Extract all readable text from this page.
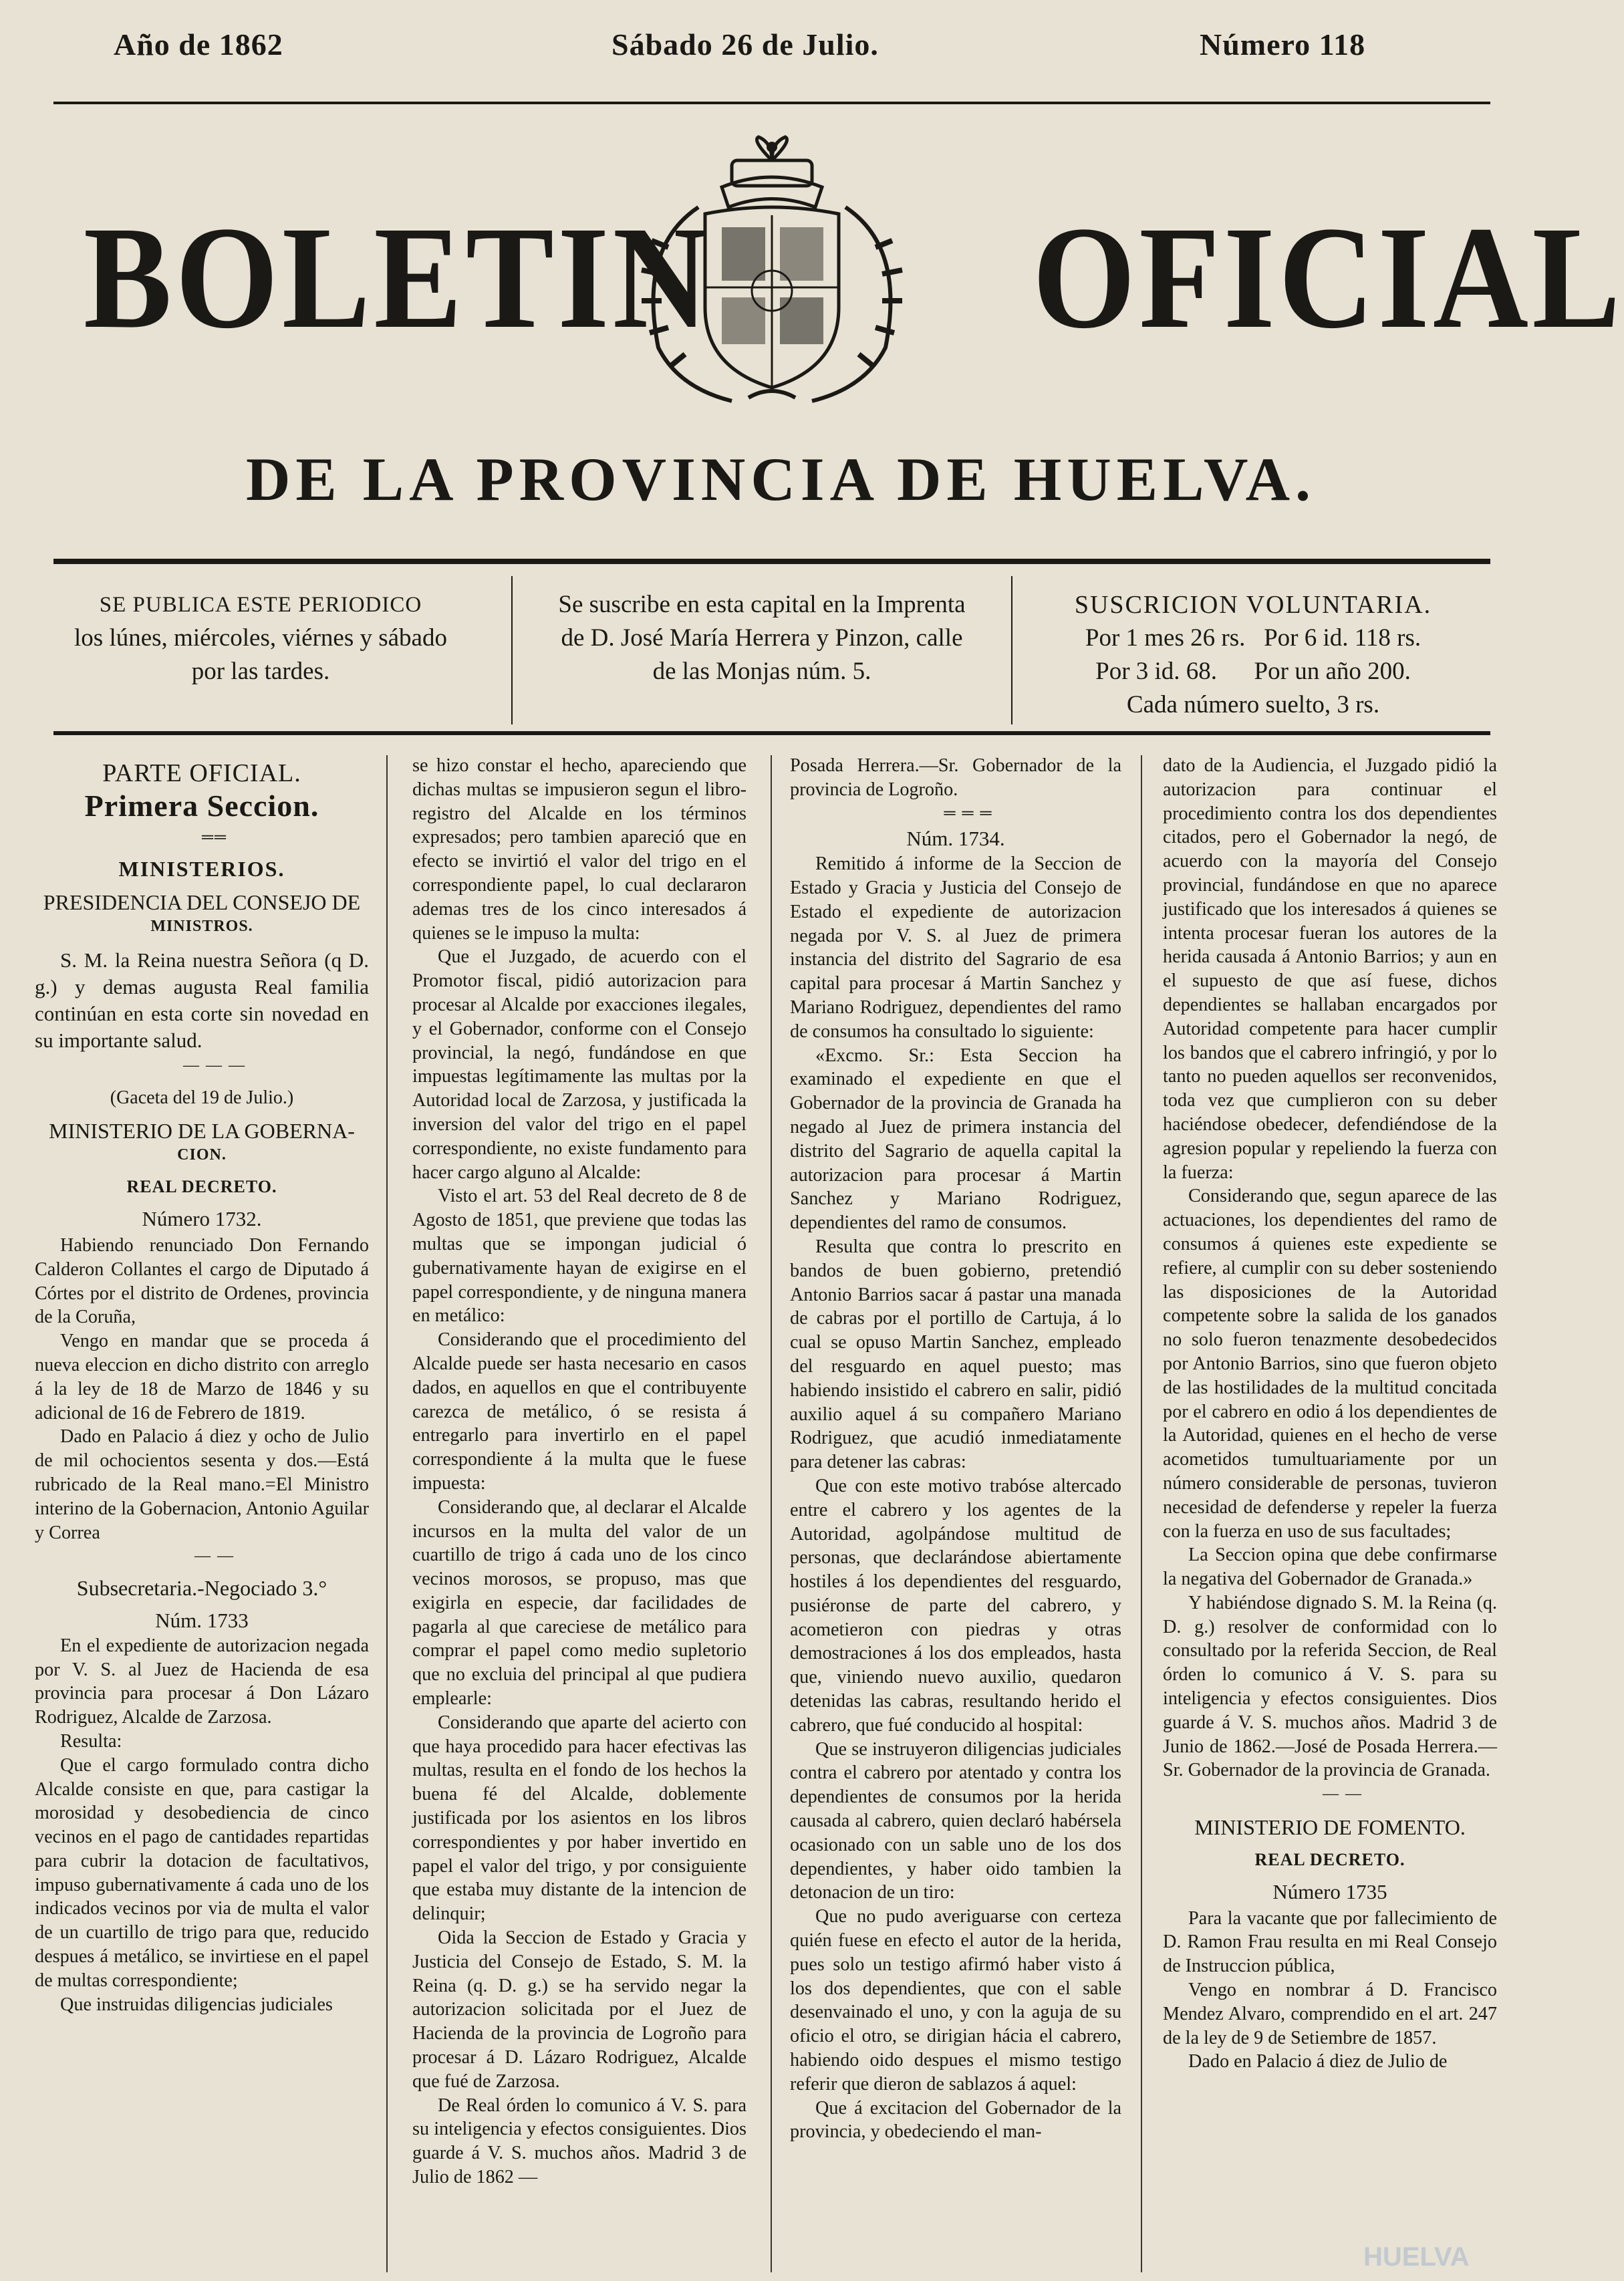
Año de 1862	Sábado 26 de Julio.	Número 118
BOLETIN OFICIAL
DE LA PROVINCIA DE HUELVA.
SE PUBLICA ESTE PERIODICO
los lúnes, miércoles, viérnes y sábado
por las tardes.
Se suscribe en esta capital en la Imprenta
de D. José María Herrera y Pinzon, calle
de las Monjas núm. 5.
SUSCRICION VOLUNTARIA.
Por 1 mes 26 rs.   Por 6 id. 118 rs.
Por 3 id. 68.      Por un año 200.
Cada número suelto, 3 rs.

PARTE OFICIAL.

Primera Seccion.

══

MINISTERIOS.

PRESIDENCIA DEL CONSEJO DE

MINISTROS.

S. M. la Reina nuestra Señora (q D. g.) y demas augusta Real familia continúan en esta corte sin novedad en su importante salud.

— — —

(Gaceta del 19 de Julio.)

MINISTERIO DE LA GOBERNA-

CION.

REAL DECRETO.

Número 1732.

Habiendo renunciado Don Fernando Calderon Collantes el cargo de Diputado á Córtes por el distrito de Ordenes, provincia de la Coruña,

Vengo en mandar que se proceda á nueva eleccion en dicho distrito con arreglo á la ley de 18 de Marzo de 1846 y su adicional de 16 de Febrero de 1819.

Dado en Palacio á diez y ocho de Julio de mil ochocientos sesenta y dos.—Está rubricado de la Real mano.=El Ministro interino de la Gobernacion, Antonio Aguilar y Correa

— —

Subsecretaria.-Negociado 3.°

Núm. 1733

En el expediente de autorizacion negada por V. S. al Juez de Hacienda de esa provincia para procesar á Don Lázaro Rodriguez, Alcalde de Zarzosa.

Resulta:

Que el cargo formulado contra dicho Alcalde consiste en que, para castigar la morosidad y desobediencia de cinco vecinos en el pago de cantidades repartidas para cubrir la dotacion de facultativos, impuso gubernativamente á cada uno de los indicados vecinos por via de multa el valor de un cuartillo de trigo para que, reducido despues á metálico, se invirtiese en el papel de multas correspondiente;

Que instruidas diligencias judiciales

se hizo constar el hecho, apareciendo que dichas multas se impusieron segun el libro-registro del Alcalde en los términos expresados; pero tambien apareció que en efecto se invirtió el valor del trigo en el correspondiente papel, lo cual declararon ademas tres de los cinco interesados á quienes se le impuso la multa:

Que el Juzgado, de acuerdo con el Promotor fiscal, pidió autorizacion para procesar al Alcalde por exacciones ilegales, y el Gobernador, conforme con el Consejo provincial, la negó, fundándose en que impuestas legítimamente las multas por la Autoridad local de Zarzosa, y justificada la inversion del valor del trigo en el papel correspondiente, no existe fundamento para hacer cargo alguno al Alcalde:

Visto el art. 53 del Real decreto de 8 de Agosto de 1851, que previene que todas las multas que se impongan judicial ó gubernativamente hayan de exigirse en el papel correspondiente, y de ninguna manera en metálico:

Considerando que el procedimiento del Alcalde puede ser hasta necesario en casos dados, en aquellos en que el contribuyente carezca de metálico, ó se resista á entregarlo para invertirlo en el papel correspondiente á la multa que le fuese impuesta:

Considerando que, al declarar el Alcalde incursos en la multa del valor de un cuartillo de trigo á cada uno de los cinco vecinos morosos, se propuso, mas que exigirla en especie, dar facilidades de pagarla al que careciese de metálico para comprar el papel como medio supletorio que no excluia del principal al que pudiera emplearle:

Considerando que aparte del acierto con que haya procedido para hacer efectivas las multas, resulta en el fondo de los hechos la buena fé del Alcalde, doblemente justificada por los asientos en los libros correspondientes y por haber invertido en papel el valor del trigo, y por consiguiente que estaba muy distante de la intencion de delinquir;

Oida la Seccion de Estado y Gracia y Justicia del Consejo de Estado, S. M. la Reina (q. D. g.) se ha servido negar la autorizacion solicitada por el Juez de Hacienda de la provincia de Logroño para procesar á D. Lázaro Rodriguez, Alcalde que fué de Zarzosa.

De Real órden lo comunico á V. S. para su inteligencia y efectos consiguientes. Dios guarde á V. S. muchos años. Madrid 3 de Julio de 1862 —

Posada Herrera.—Sr. Gobernador de la provincia de Logroño.

═ ═ ═

Núm. 1734.

Remitido á informe de la Seccion de Estado y Gracia y Justicia del Consejo de Estado el expediente de autorizacion negada por V. S. al Juez de primera instancia del distrito del Sagrario de esa capital para procesar á Martin Sanchez y Mariano Rodriguez, dependientes del ramo de consumos ha consultado lo siguiente:

«Excmo. Sr.: Esta Seccion ha examinado el expediente en que el Gobernador de la provincia de Granada ha negado al Juez de primera instancia del distrito del Sagrario de aquella capital la autorizacion para procesar á Martin Sanchez y Mariano Rodriguez, dependientes del ramo de consumos.

Resulta que contra lo prescrito en bandos de buen gobierno, pretendió Antonio Barrios sacar á pastar una manada de cabras por el portillo de Cartuja, á lo cual se opuso Martin Sanchez, empleado del resguardo en aquel puesto; mas habiendo insistido el cabrero en salir, pidió auxilio aquel á su compañero Mariano Rodriguez, que acudió inmediatamente para detener las cabras:

Que con este motivo trabóse altercado entre el cabrero y los agentes de la Autoridad, agolpándose multitud de personas, que declarándose abiertamente hostiles á los dependientes del resguardo, pusiéronse de parte del cabrero, y acometieron con piedras y otras demostraciones á los dos empleados, hasta que, viniendo nuevo auxilio, quedaron detenidas las cabras, resultando herido el cabrero, que fué conducido al hospital:

Que se instruyeron diligencias judiciales contra el cabrero por atentado y contra los dependientes de consumos por la herida causada al cabrero, quien declaró habérsela ocasionado con un sable uno de los dos dependientes, y haber oido tambien la detonacion de un tiro:

Que no pudo averiguarse con certeza quién fuese en efecto el autor de la herida, pues solo un testigo afirmó haber visto á los dos dependientes, que con el sable desenvainado el uno, y con la aguja de su oficio el otro, se dirigian hácia el cabrero, habiendo oido despues el mismo testigo referir que dieron de sablazos á aquel:

Que á excitacion del Gobernador de la provincia, y obedeciendo el man-

dato de la Audiencia, el Juzgado pidió la autorizacion para continuar el procedimiento contra los dos dependientes citados, pero el Gobernador la negó, de acuerdo con la mayoría del Consejo provincial, fundándose en que no aparece justificado que los interesados á quienes se intenta procesar fueran los autores de la herida causada á Antonio Barrios; y aun en el supuesto de que así fuese, dichos dependientes se hallaban encargados por Autoridad competente para hacer cumplir los bandos que el cabrero infringió, y por lo tanto no pueden aquellos ser reconvenidos, toda vez que cumplieron con su deber haciéndose obedecer, defendiéndose de la agresion popular y repeliendo la fuerza con la fuerza:

Considerando que, segun aparece de las actuaciones, los dependientes del ramo de consumos á quienes este expediente se refiere, al cumplir con su deber sosteniendo las disposiciones de la Autoridad competente sobre la salida de los ganados no solo fueron tenazmente desobedecidos por Antonio Barrios, sino que fueron objeto de las hostilidades de la multitud concitada por el cabrero en odio á los dependientes de la Autoridad, quienes en el hecho de verse acometidos tumultuariamente por un número considerable de personas, tuvieron necesidad de defenderse y repeler la fuerza con la fuerza en uso de sus facultades;

La Seccion opina que debe confirmarse la negativa del Gobernador de Granada.»

Y habiéndose dignado S. M. la Reina (q. D. g.) resolver de conformidad con lo consultado por la referida Seccion, de Real órden lo comunico á V. S. para su inteligencia y efectos consiguientes. Dios guarde á V. S. muchos años. Madrid 3 de Junio de 1862.—José de Posada Herrera.—Sr. Gobernador de la provincia de Granada.

— —

MINISTERIO DE FOMENTO.

REAL DECRETO.

Número 1735

Para la vacante que por fallecimiento de D. Ramon Frau resulta en mi Real Consejo de Instruccion pública,

Vengo en nombrar á D. Francisco Mendez Alvaro, comprendido en el art. 247 de la ley de 9 de Setiembre de 1857.

Dado en Palacio á diez de Julio de

HUELVA
